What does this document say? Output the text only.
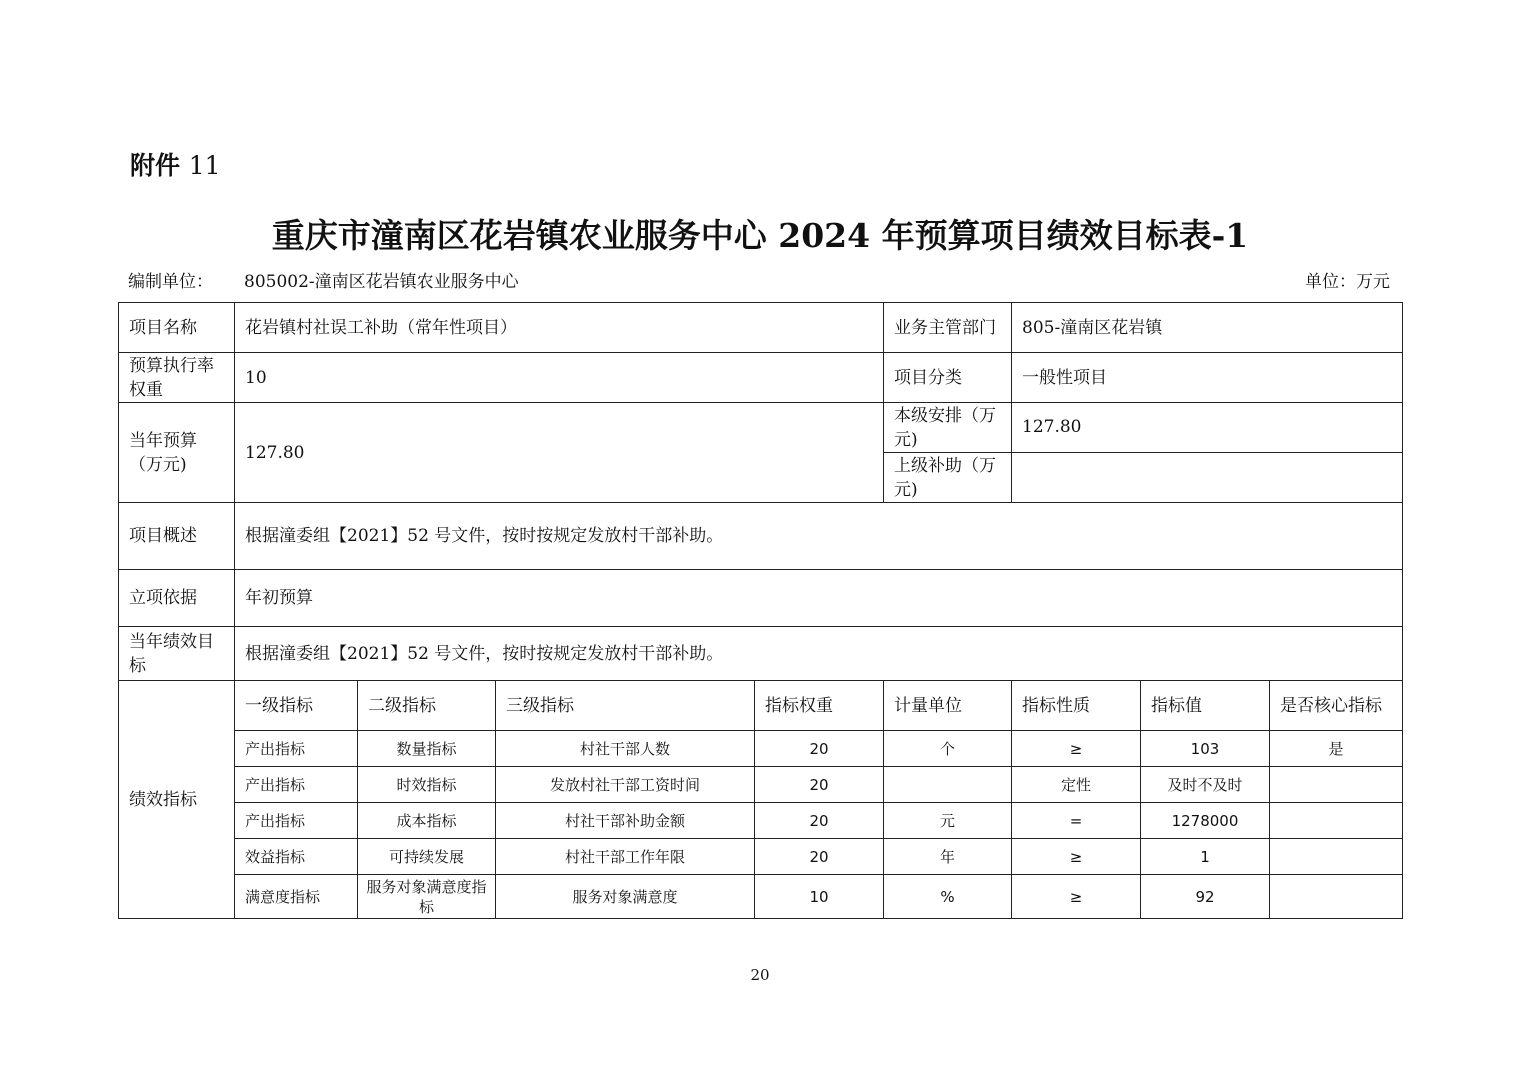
附件 11
重庆市潼南区花岩镇农业服务中心 2024 年预算项目绩效目标表-1
编制单位： 805002-潼南区花岩镇农业服务中心	单位：万元
项目名称	花岩镇村社误工补助（常年性项目）				业务主管部门	805-潼南区花岩镇		
预算执行率权重	10				项目分类	一般性项目		
当年预算（万元)	127.80				本级安排（万元)	127.80		
					上级补助（万元)			
项目概述	根据潼委组【2021】52 号文件，按时按规定发放村干部补助。							
立项依据	年初预算							
当年绩效目标	根据潼委组【2021】52 号文件，按时按规定发放村干部补助。							
绩效指标	一级指标	二级指标	三级指标	指标权重	计量单位	指标性质	指标值	是否核心指标
	产出指标	数量指标	村社干部人数	20	个	≥	103	是
	产出指标	时效指标	发放村社干部工资时间	20		定性	及时不及时	
	产出指标	成本指标	村社干部补助金额	20	元	=	1278000	
	效益指标	可持续发展	村社干部工作年限	20	年	≥	1	
	满意度指标	服务对象满意度指标	服务对象满意度	10	%	≥	92	
20
